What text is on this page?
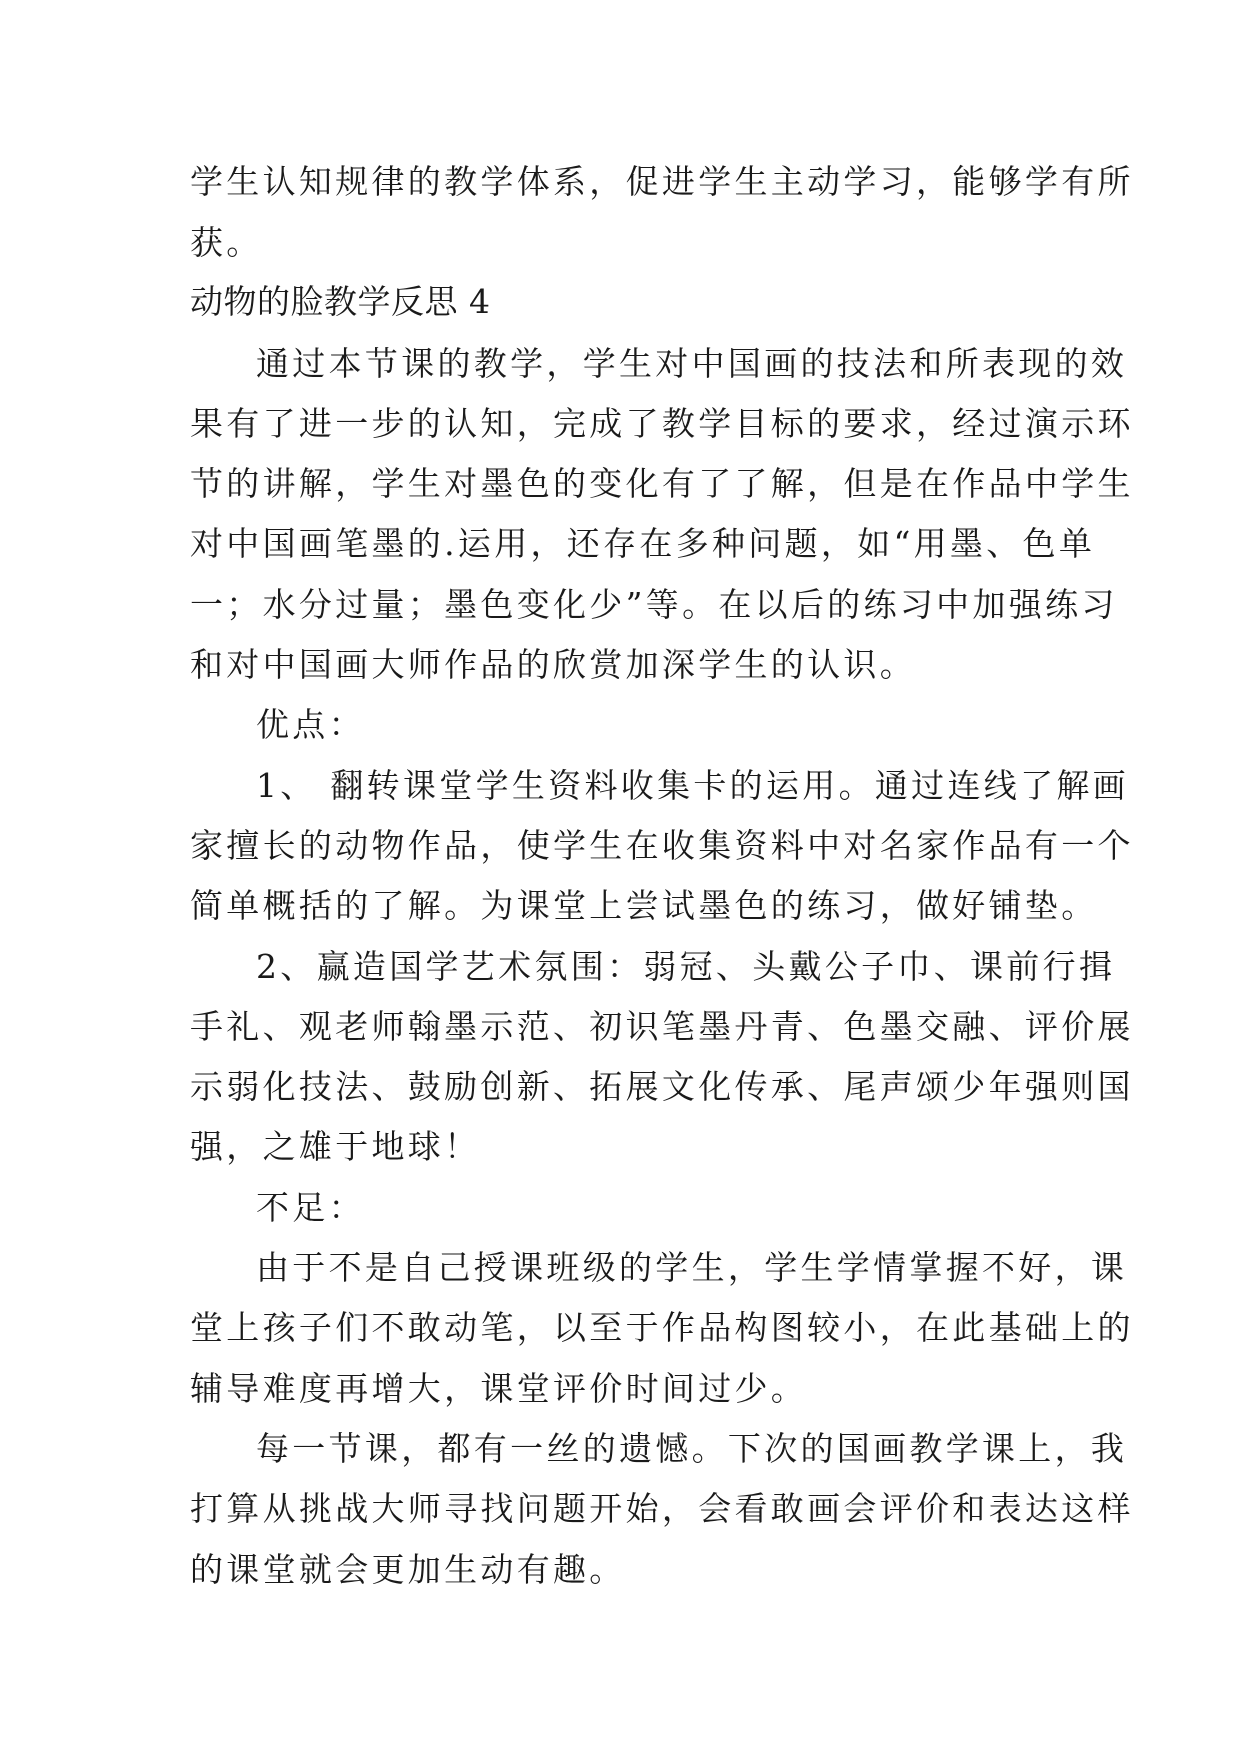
学生认知规律的教学体系，促进学生主动学习，能够学有所
获。
动物的脸教学反思 4
通过本节课的教学，学生对中国画的技法和所表现的效
果有了进一步的认知，完成了教学目标的要求，经过演示环
节的讲解，学生对墨色的变化有了了解，但是在作品中学生
对中国画笔墨的.运用，还存在多种问题，如“用墨、色单
一；水分过量；墨色变化少”等。在以后的练习中加强练习
和对中国画大师作品的欣赏加深学生的认识。
优点：
1、 翻转课堂学生资料收集卡的运用。通过连线了解画
家擅长的动物作品，使学生在收集资料中对名家作品有一个
简单概括的了解。为课堂上尝试墨色的练习，做好铺垫。
2、赢造国学艺术氛围：弱冠、头戴公子巾、课前行揖
手礼、观老师翰墨示范、初识笔墨丹青、色墨交融、评价展
示弱化技法、鼓励创新、拓展文化传承、尾声颂少年强则国
强，之雄于地球！
不足：
由于不是自己授课班级的学生，学生学情掌握不好，课
堂上孩子们不敢动笔，以至于作品构图较小，在此基础上的
辅导难度再增大，课堂评价时间过少。
每一节课，都有一丝的遗憾。下次的国画教学课上，我
打算从挑战大师寻找问题开始，会看敢画会评价和表达这样
的课堂就会更加生动有趣。
